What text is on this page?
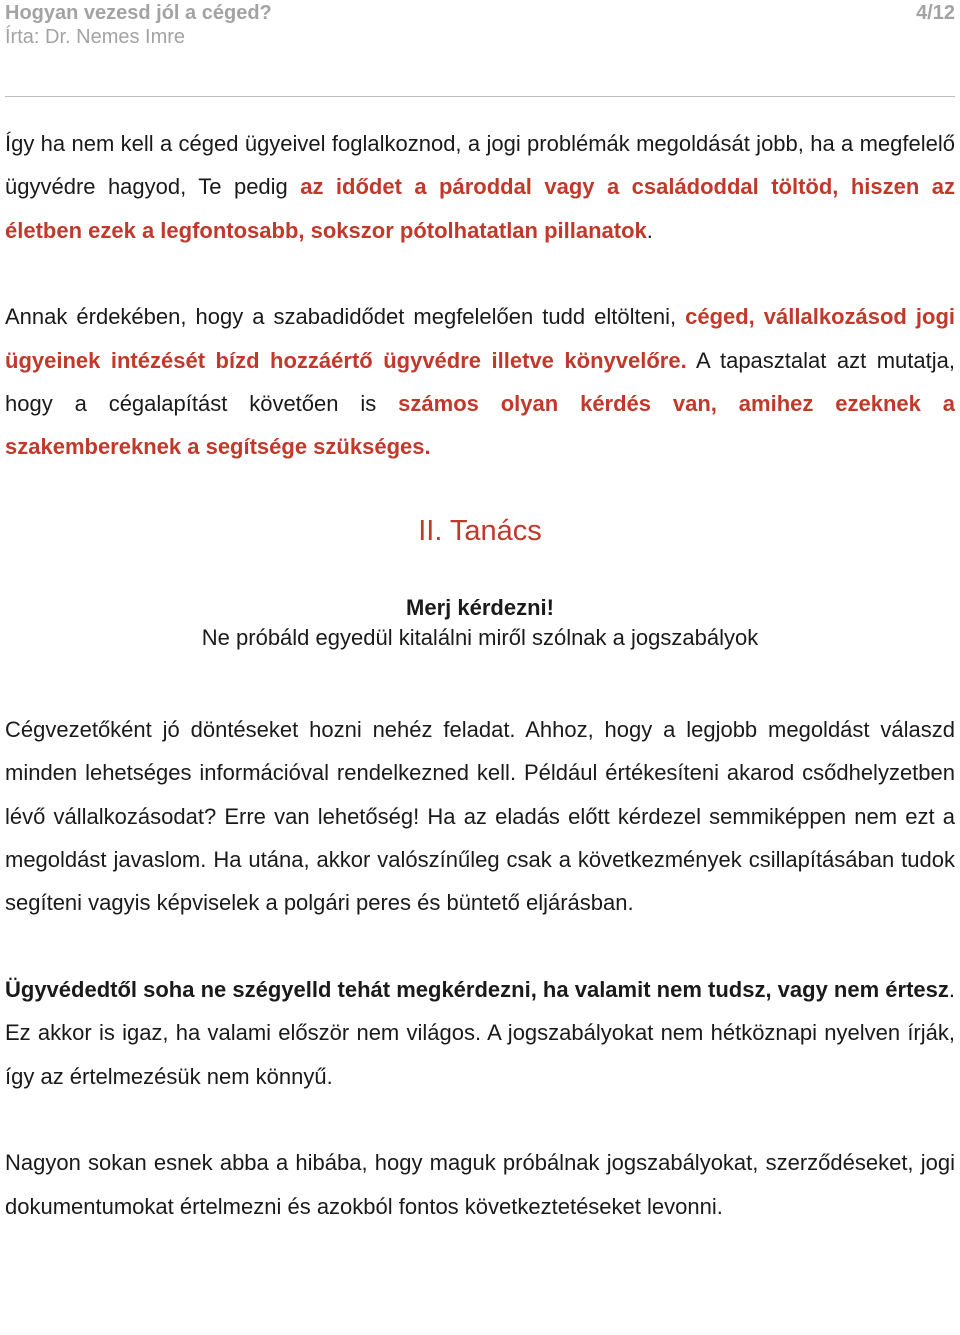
Hogyan vezesd jól a céged?
Írta: Dr. Nemes Imre
4/12

Így ha nem kell a céged ügyeivel foglalkoznod, a jogi problémák megoldását jobb, ha a megfelelő ügyvédre hagyod, Te pedig az idődet a pároddal vagy a családoddal töltöd, hiszen az életben ezek a legfontosabb, sokszor pótolhatatlan pillanatok.

Annak érdekében, hogy a szabadidődet megfelelően tudd eltölteni, céged, vállalkozásod jogi ügyeinek intézését bízd hozzáértő ügyvédre illetve könyvelőre. A tapasztalat azt mutatja, hogy a cégalapítást követően is számos olyan kérdés van, amihez ezeknek a szakembereknek a segítsége szükséges.

II. Tanács
Merj kérdezni!
Ne próbáld egyedül kitalálni miről szólnak a jogszabályok

Cégvezetőként jó döntéseket hozni nehéz feladat. Ahhoz, hogy a legjobb megoldást válaszd minden lehetséges információval rendelkezned kell. Például értékesíteni akarod csődhelyzetben lévő vállalkozásodat? Erre van lehetőség! Ha az eladás előtt kérdezel semmiképpen nem ezt a megoldást javaslom. Ha utána, akkor valószínűleg csak a következmények csillapításában tudok segíteni vagyis képviselek a polgári peres és büntető eljárásban.

Ügyvédedtől soha ne szégyelld tehát megkérdezni, ha valamit nem tudsz, vagy nem értesz. Ez akkor is igaz, ha valami először nem világos. A jogszabályokat nem hétköznapi nyelven írják, így az értelmezésük nem könnyű.

Nagyon sokan esnek abba a hibába, hogy maguk próbálnak jogszabályokat, szerződéseket, jogi dokumentumokat értelmezni és azokból fontos következtetéseket levonni.
